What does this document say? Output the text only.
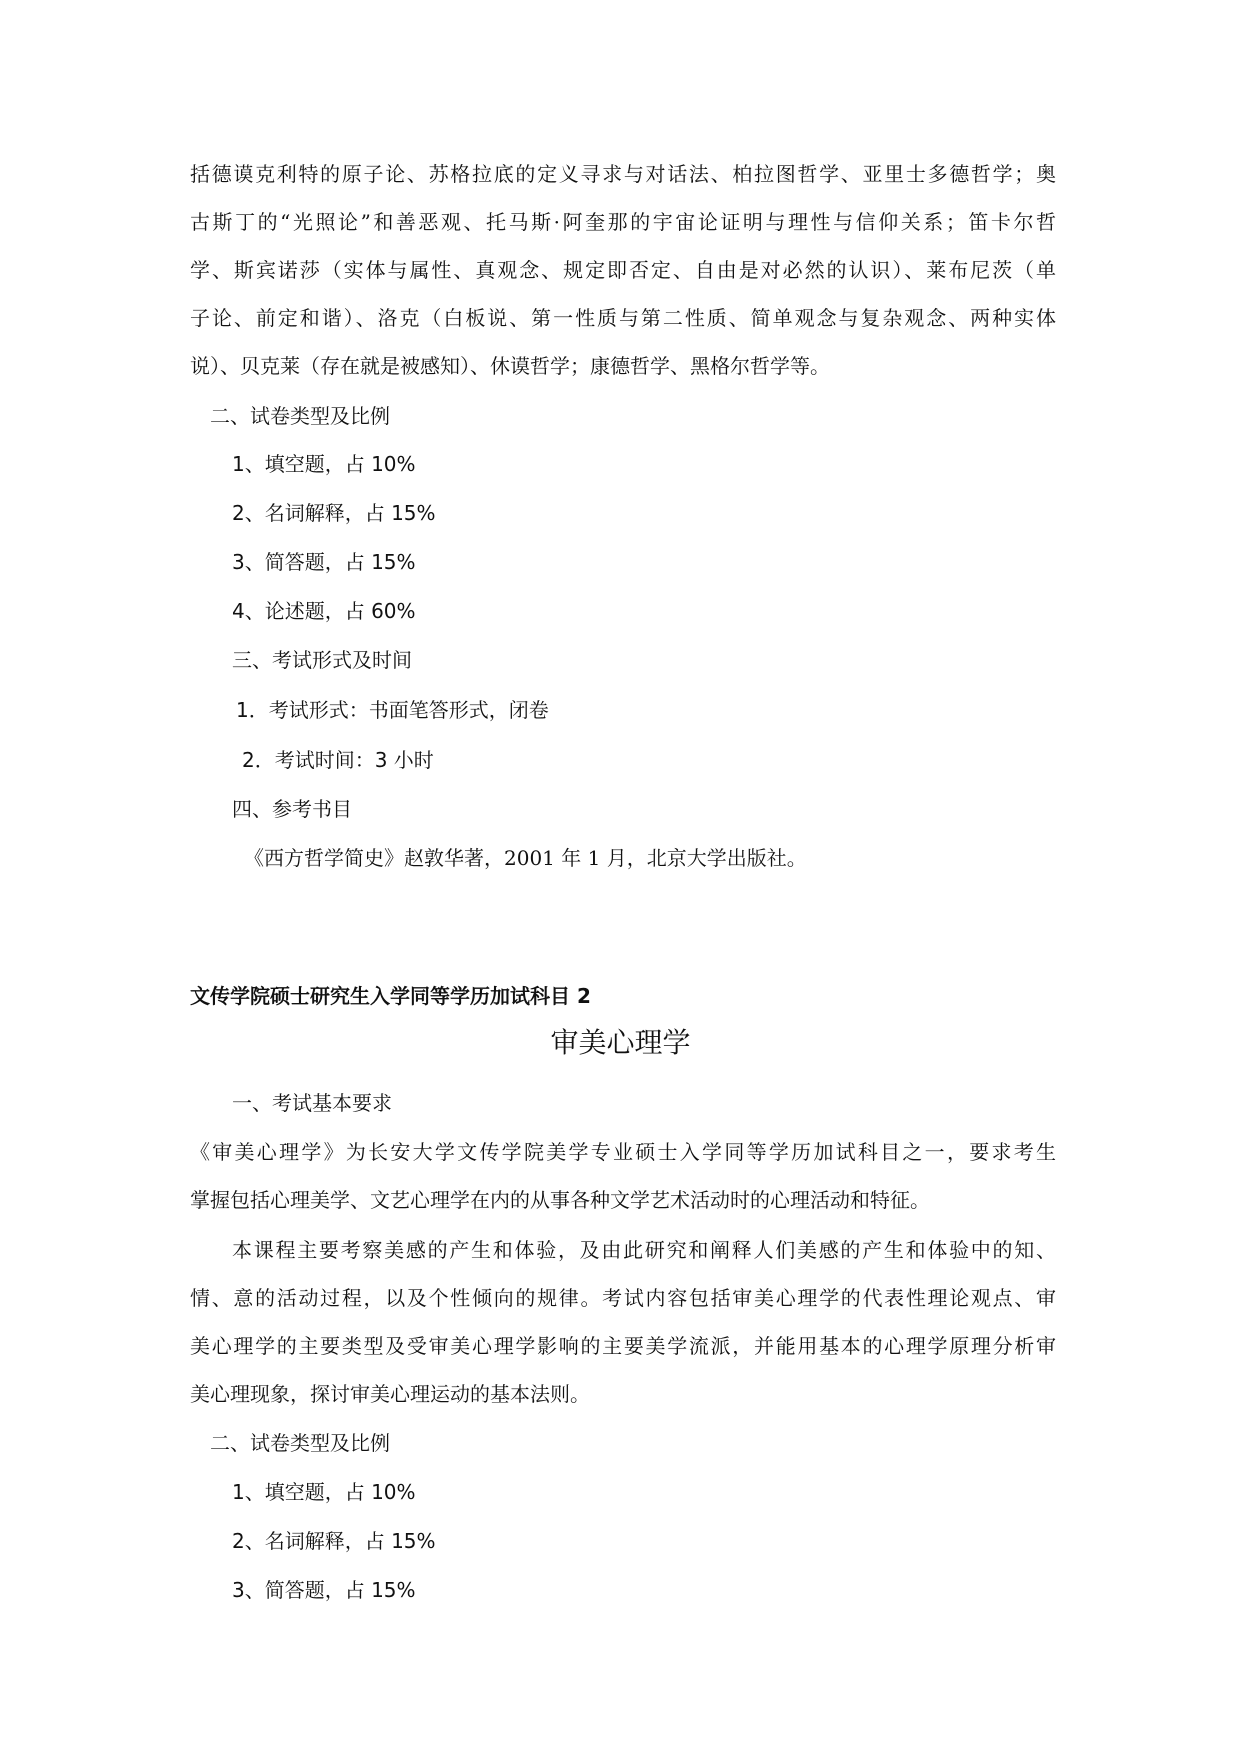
括德谟克利特的原子论、苏格拉底的定义寻求与对话法、柏拉图哲学、亚里士多德哲学；奥
古斯丁的“光照论”和善恶观、托马斯·阿奎那的宇宙论证明与理性与信仰关系；笛卡尔哲
学、斯宾诺莎（实体与属性、真观念、规定即否定、自由是对必然的认识）、莱布尼茨（单
子论、前定和谐）、洛克（白板说、第一性质与第二性质、简单观念与复杂观念、两种实体
说）、贝克莱（存在就是被感知）、休谟哲学；康德哲学、黑格尔哲学等。
二、试卷类型及比例
1、填空题，占 10%
2、名词解释，占 15%
3、简答题，占 15%
4、论述题，占 60%
三、考试形式及时间
1．考试形式：书面笔答形式，闭卷
2．考试时间：3 小时
四、参考书目
《西方哲学简史》赵敦华著，2001 年 1 月，北京大学出版社。
文传学院硕士研究生入学同等学历加试科目 2
审美心理学
一、考试基本要求
《审美心理学》为长安大学文传学院美学专业硕士入学同等学历加试科目之一，要求考生
掌握包括心理美学、文艺心理学在内的从事各种文学艺术活动时的心理活动和特征。
本课程主要考察美感的产生和体验，及由此研究和阐释人们美感的产生和体验中的知、
情、意的活动过程，以及个性倾向的规律。考试内容包括审美心理学的代表性理论观点、审
美心理学的主要类型及受审美心理学影响的主要美学流派，并能用基本的心理学原理分析审
美心理现象，探讨审美心理运动的基本法则。
二、试卷类型及比例
1、填空题，占 10%
2、名词解释，占 15%
3、简答题，占 15%
